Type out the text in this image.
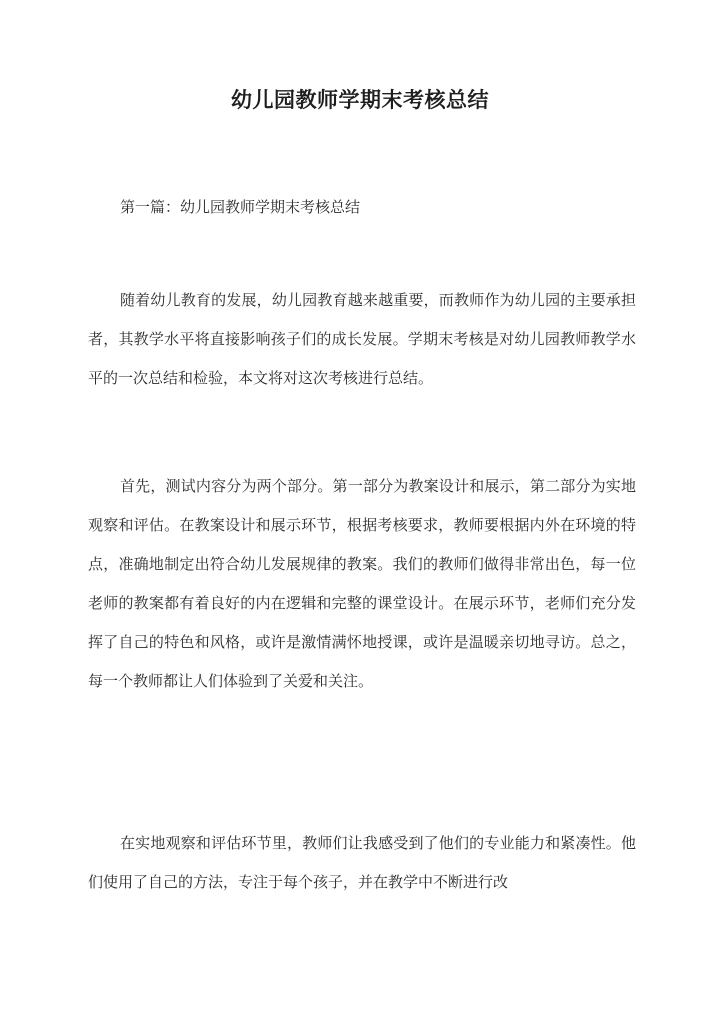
幼儿园教师学期末考核总结
第一篇：幼儿园教师学期末考核总结

随着幼儿教育的发展，幼儿园教育越来越重要，而教师作为幼儿园的主要承担者，其教学水平将直接影响孩子们的成长发展。学期末考核是对幼儿园教师教学水平的一次总结和检验，本文将对这次考核进行总结。

首先，测试内容分为两个部分。第一部分为教案设计和展示，第二部分为实地观察和评估。在教案设计和展示环节，根据考核要求，教师要根据内外在环境的特点，准确地制定出符合幼儿发展规律的教案。我们的教师们做得非常出色，每一位老师的教案都有着良好的内在逻辑和完整的课堂设计。在展示环节，老师们充分发挥了自己的特色和风格，或许是激情满怀地授课，或许是温暖亲切地寻访。总之，每一个教师都让人们体验到了关爱和关注。

在实地观察和评估环节里，教师们让我感受到了他们的专业能力和紧凑性。他们使用了自己的方法，专注于每个孩子，并在教学中不断进行改
